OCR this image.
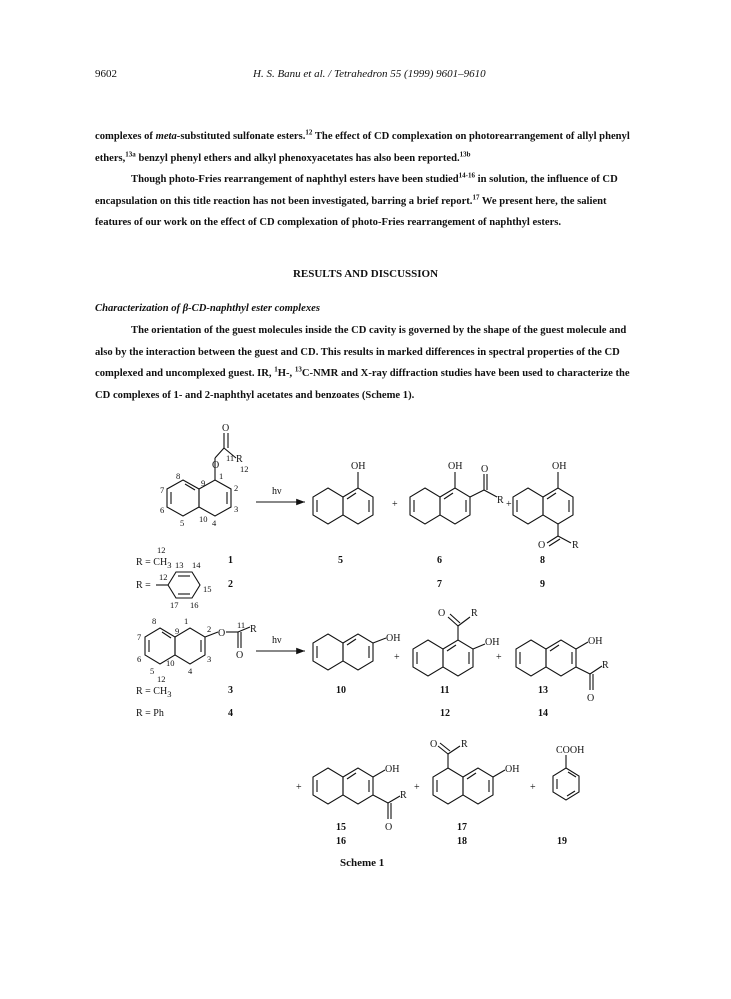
9602	H. S. Banu et al. / Tetrahedron 55 (1999) 9601–9610

complexes of meta-substituted sulfonate esters.$^{12}$ The effect of CD complexation on photorearrangement of allyl phenyl ethers,$^{13a}$ benzyl phenyl ethers and alkyl phenoxyacetates has also been reported.$^{13b}$

Though photo-Fries rearrangement of naphthyl esters have been studied$^{14-16}$ in solution, the influence of CD encapsulation on this title reaction has not been investigated, barring a brief report.$^{17}$ We present here, the salient features of our work on the effect of CD complexation of photo-Fries rearrangement of naphthyl esters.

RESULTS AND DISCUSSION

Characterization of β-CD-naphthyl ester complexes

The orientation of the guest molecules inside the CD cavity is governed by the shape of the guest molecule and also by the interaction between the guest and CD. This results in marked differences in spectral properties of the CD complexed and uncomplexed guest. IR, $^1$H-, $^{13}$C-NMR and X-ray diffraction studies have been used to characterize the CD complexes of 1- and 2-naphthyl acetates and benzoates (Scheme 1).

O
O
R
11
12
1
2
3
4
5
6
7
8
9
10
hν
OH
+
OH O
R +
OH
O	R
$R = CH_3$
12
1	5	6	8
R =
12
13 14
15
16
17
2	7	9
O
O
R
11
1
2
3
4
5
6
7
8
9
10
hν	OH
+
O	R
OH
+
OH
R
O
$R = CH_3$
12
3	10	11	13
R = Ph	4	12	14
+
OH
R
O
+
O R
OH
+
COOH
15
16
17
18	19
Scheme 1
